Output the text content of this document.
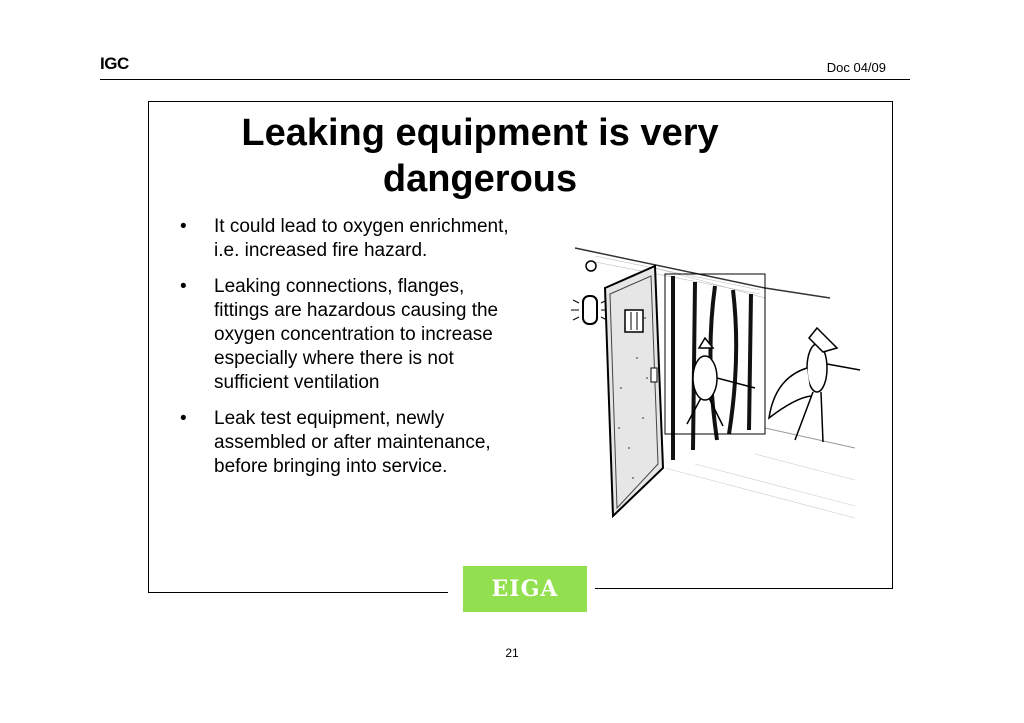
IGC	Doc 04/09
Leaking equipment is very dangerous
• It could lead to oxygen enrichment, i.e. increased fire hazard.
• Leaking connections, flanges, fittings are hazardous causing the oxygen concentration to increase especially where there is not sufficient ventilation
• Leak test equipment, newly assembled or after maintenance, before bringing into service.
EIGA
21
